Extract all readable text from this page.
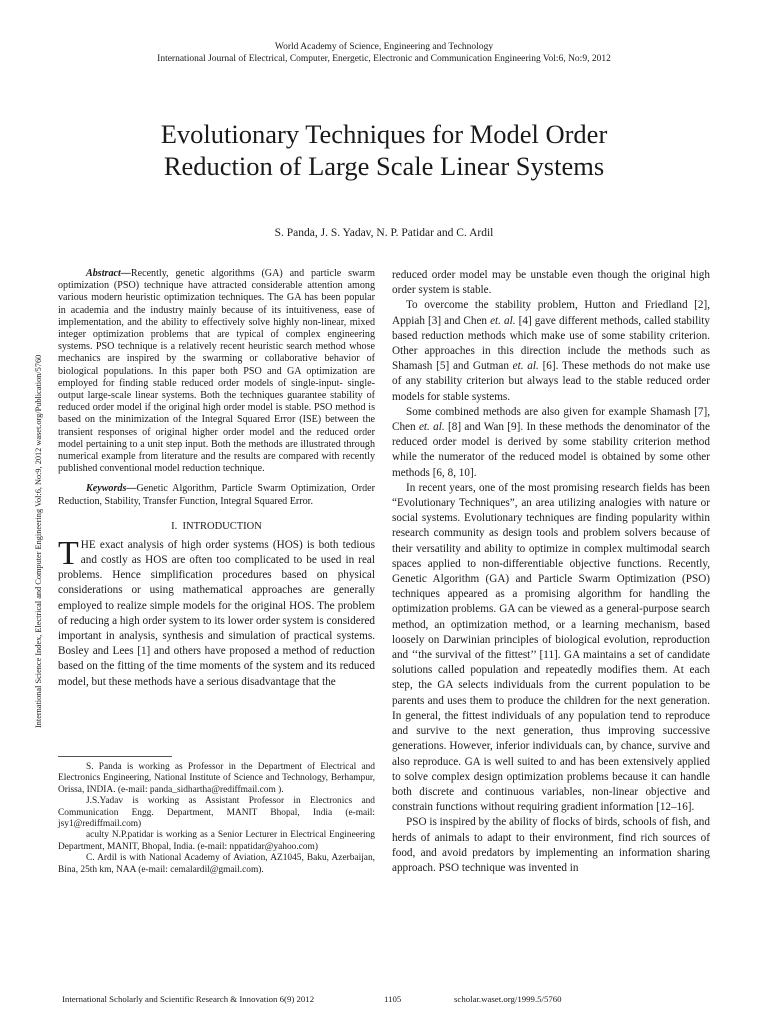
World Academy of Science, Engineering and Technology
International Journal of Electrical, Computer, Energetic, Electronic and Communication Engineering Vol:6, No:9, 2012
Evolutionary Techniques for Model Order
Reduction of Large Scale Linear Systems
S. Panda, J. S. Yadav, N. P. Patidar and C. Ardil
International Science Index, Electrical and Computer Engineering Vol:6, No:9, 2012 waset.org/Publication/5760

Abstract—Recently, genetic algorithms (GA) and particle swarm optimization (PSO) technique have attracted considerable attention among various modern heuristic optimization techniques. The GA has been popular in academia and the industry mainly because of its intuitiveness, ease of implementation, and the ability to effectively solve highly non-linear, mixed integer optimization problems that are typical of complex engineering systems. PSO technique is a relatively recent heuristic search method whose mechanics are inspired by the swarming or collaborative behavior of biological populations. In this paper both PSO and GA optimization are employed for finding stable reduced order models of single-input- single-output large-scale linear systems. Both the techniques guarantee stability of reduced order model if the original high order model is stable. PSO method is based on the minimization of the Integral Squared Error (ISE) between the transient responses of original higher order model and the reduced order model pertaining to a unit step input. Both the methods are illustrated through numerical example from literature and the results are compared with recently published conventional model reduction technique.

Keywords—Genetic Algorithm, Particle Swarm Optimization, Order Reduction, Stability, Transfer Function, Integral Squared Error.

I. INTRODUCTION

THE exact analysis of high order systems (HOS) is both tedious and costly as HOS are often too complicated to be used in real problems. Hence simplification procedures based on physical considerations or using mathematical approaches are generally employed to realize simple models for the original HOS. The problem of reducing a high order system to its lower order system is considered important in analysis, synthesis and simulation of practical systems. Bosley and Lees [1] and others have proposed a method of reduction based on the fitting of the time moments of the system and its reduced model, but these methods have a serious disadvantage that the

S. Panda is working as Professor in the Department of Electrical and Electronics Engineering, National Institute of Science and Technology, Berhampur, Orissa, INDIA. (e-mail: panda_sidhartha@rediffmail.com ).

J.S.Yadav is working as Assistant Professor in Electronics and Communication Engg. Department, MANIT Bhopal, India (e-mail: jsy1@rediffmail.com)

aculty N.P.patidar is working as a Senior Lecturer in Electrical Engineering Department, MANIT, Bhopal, India. (e-mail: nppatidar@yahoo.com)

C. Ardil is with National Academy of Aviation, AZ1045, Baku, Azerbaijan, Bina, 25th km, NAA (e-mail: cemalardil@gmail.com).

reduced order model may be unstable even though the original high order system is stable.

To overcome the stability problem, Hutton and Friedland [2], Appiah [3] and Chen et. al. [4] gave different methods, called stability based reduction methods which make use of some stability criterion. Other approaches in this direction include the methods such as Shamash [5] and Gutman et. al. [6]. These methods do not make use of any stability criterion but always lead to the stable reduced order models for stable systems.

Some combined methods are also given for example Shamash [7], Chen et. al. [8] and Wan [9]. In these methods the denominator of the reduced order model is derived by some stability criterion method while the numerator of the reduced model is obtained by some other methods [6, 8, 10].

In recent years, one of the most promising research fields has been “Evolutionary Techniques”, an area utilizing analogies with nature or social systems. Evolutionary techniques are finding popularity within research community as design tools and problem solvers because of their versatility and ability to optimize in complex multimodal search spaces applied to non-differentiable objective functions. Recently, Genetic Algorithm (GA) and Particle Swarm Optimization (PSO) techniques appeared as a promising algorithm for handling the optimization problems. GA can be viewed as a general-purpose search method, an optimization method, or a learning mechanism, based loosely on Darwinian principles of biological evolution, reproduction and ‘‘the survival of the fittest’’ [11]. GA maintains a set of candidate solutions called population and repeatedly modifies them. At each step, the GA selects individuals from the current population to be parents and uses them to produce the children for the next generation. In general, the fittest individuals of any population tend to reproduce and survive to the next generation, thus improving successive generations. However, inferior individuals can, by chance, survive and also reproduce. GA is well suited to and has been extensively applied to solve complex design optimization problems because it can handle both discrete and continuous variables, non-linear objective and constrain functions without requiring gradient information [12–16].

PSO is inspired by the ability of flocks of birds, schools of fish, and herds of animals to adapt to their environment, find rich sources of food, and avoid predators by implementing an information sharing approach. PSO technique was invented in

International Scholarly and Scientific Research & Innovation 6(9) 2012	1105	scholar.waset.org/1999.5/5760
